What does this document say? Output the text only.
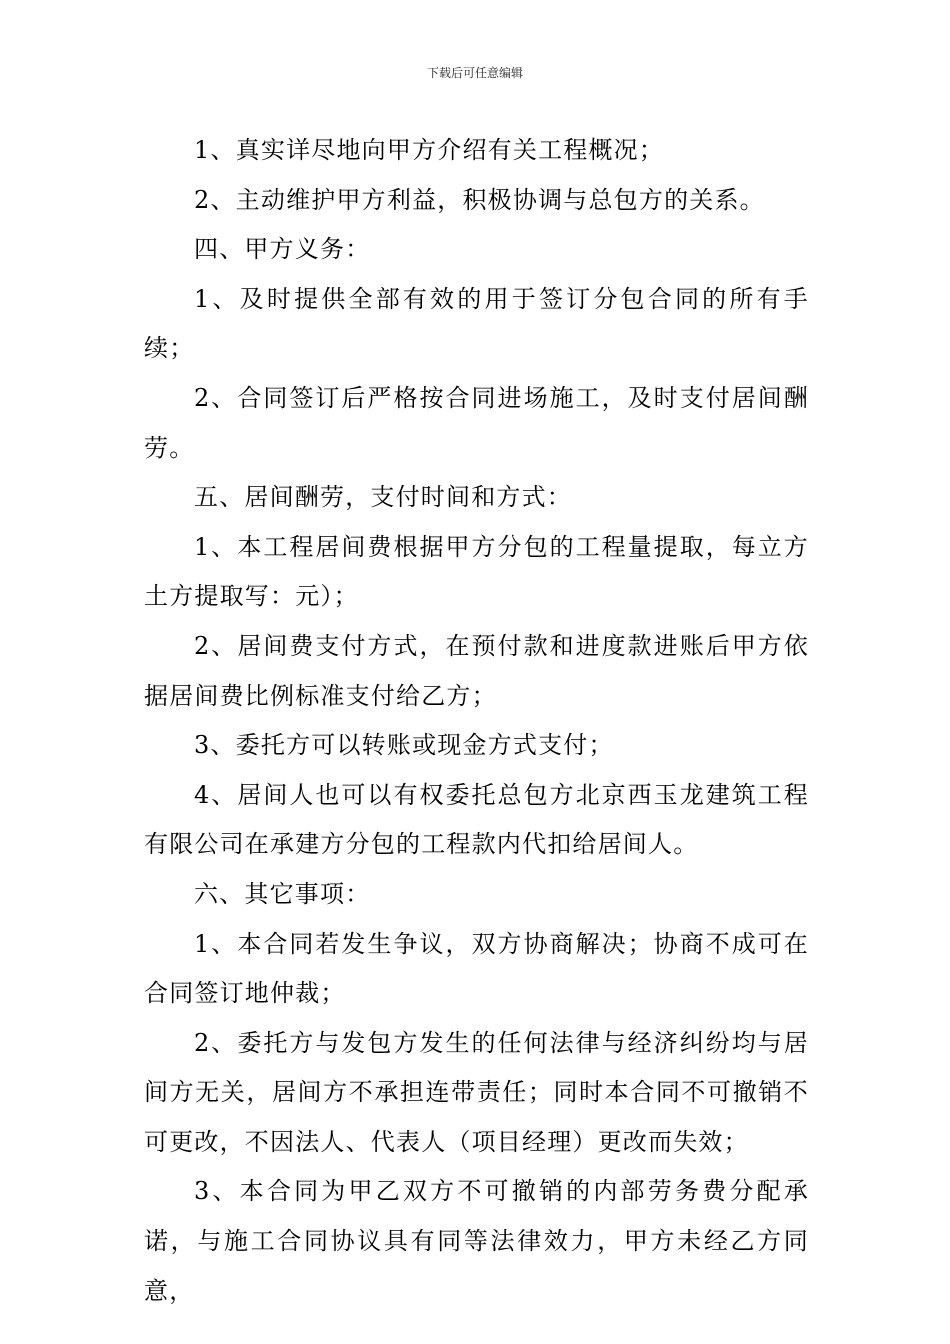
下载后可任意编辑

1、真实详尽地向甲方介绍有关工程概况；

2、主动维护甲方利益，积极协调与总包方的关系。

四、甲方义务：

1、及时提供全部有效的用于签订分包合同的所有手续；

2、合同签订后严格按合同进场施工，及时支付居间酬劳。

五、居间酬劳，支付时间和方式：

1、本工程居间费根据甲方分包的工程量提取，每立方土方提取写：元）；

2、居间费支付方式，在预付款和进度款进账后甲方依据居间费比例标准支付给乙方；

3、委托方可以转账或现金方式支付；

4、居间人也可以有权委托总包方北京西玉龙建筑工程有限公司在承建方分包的工程款内代扣给居间人。

六、其它事项：

1、本合同若发生争议，双方协商解决；协商不成可在合同签订地仲裁；

2、委托方与发包方发生的任何法律与经济纠纷均与居间方无关，居间方不承担连带责任；同时本合同不可撤销不可更改，不因法人、代表人（项目经理）更改而失效；

3、本合同为甲乙双方不可撤销的内部劳务费分配承诺，与施工合同协议具有同等法律效力，甲方未经乙方同意，
